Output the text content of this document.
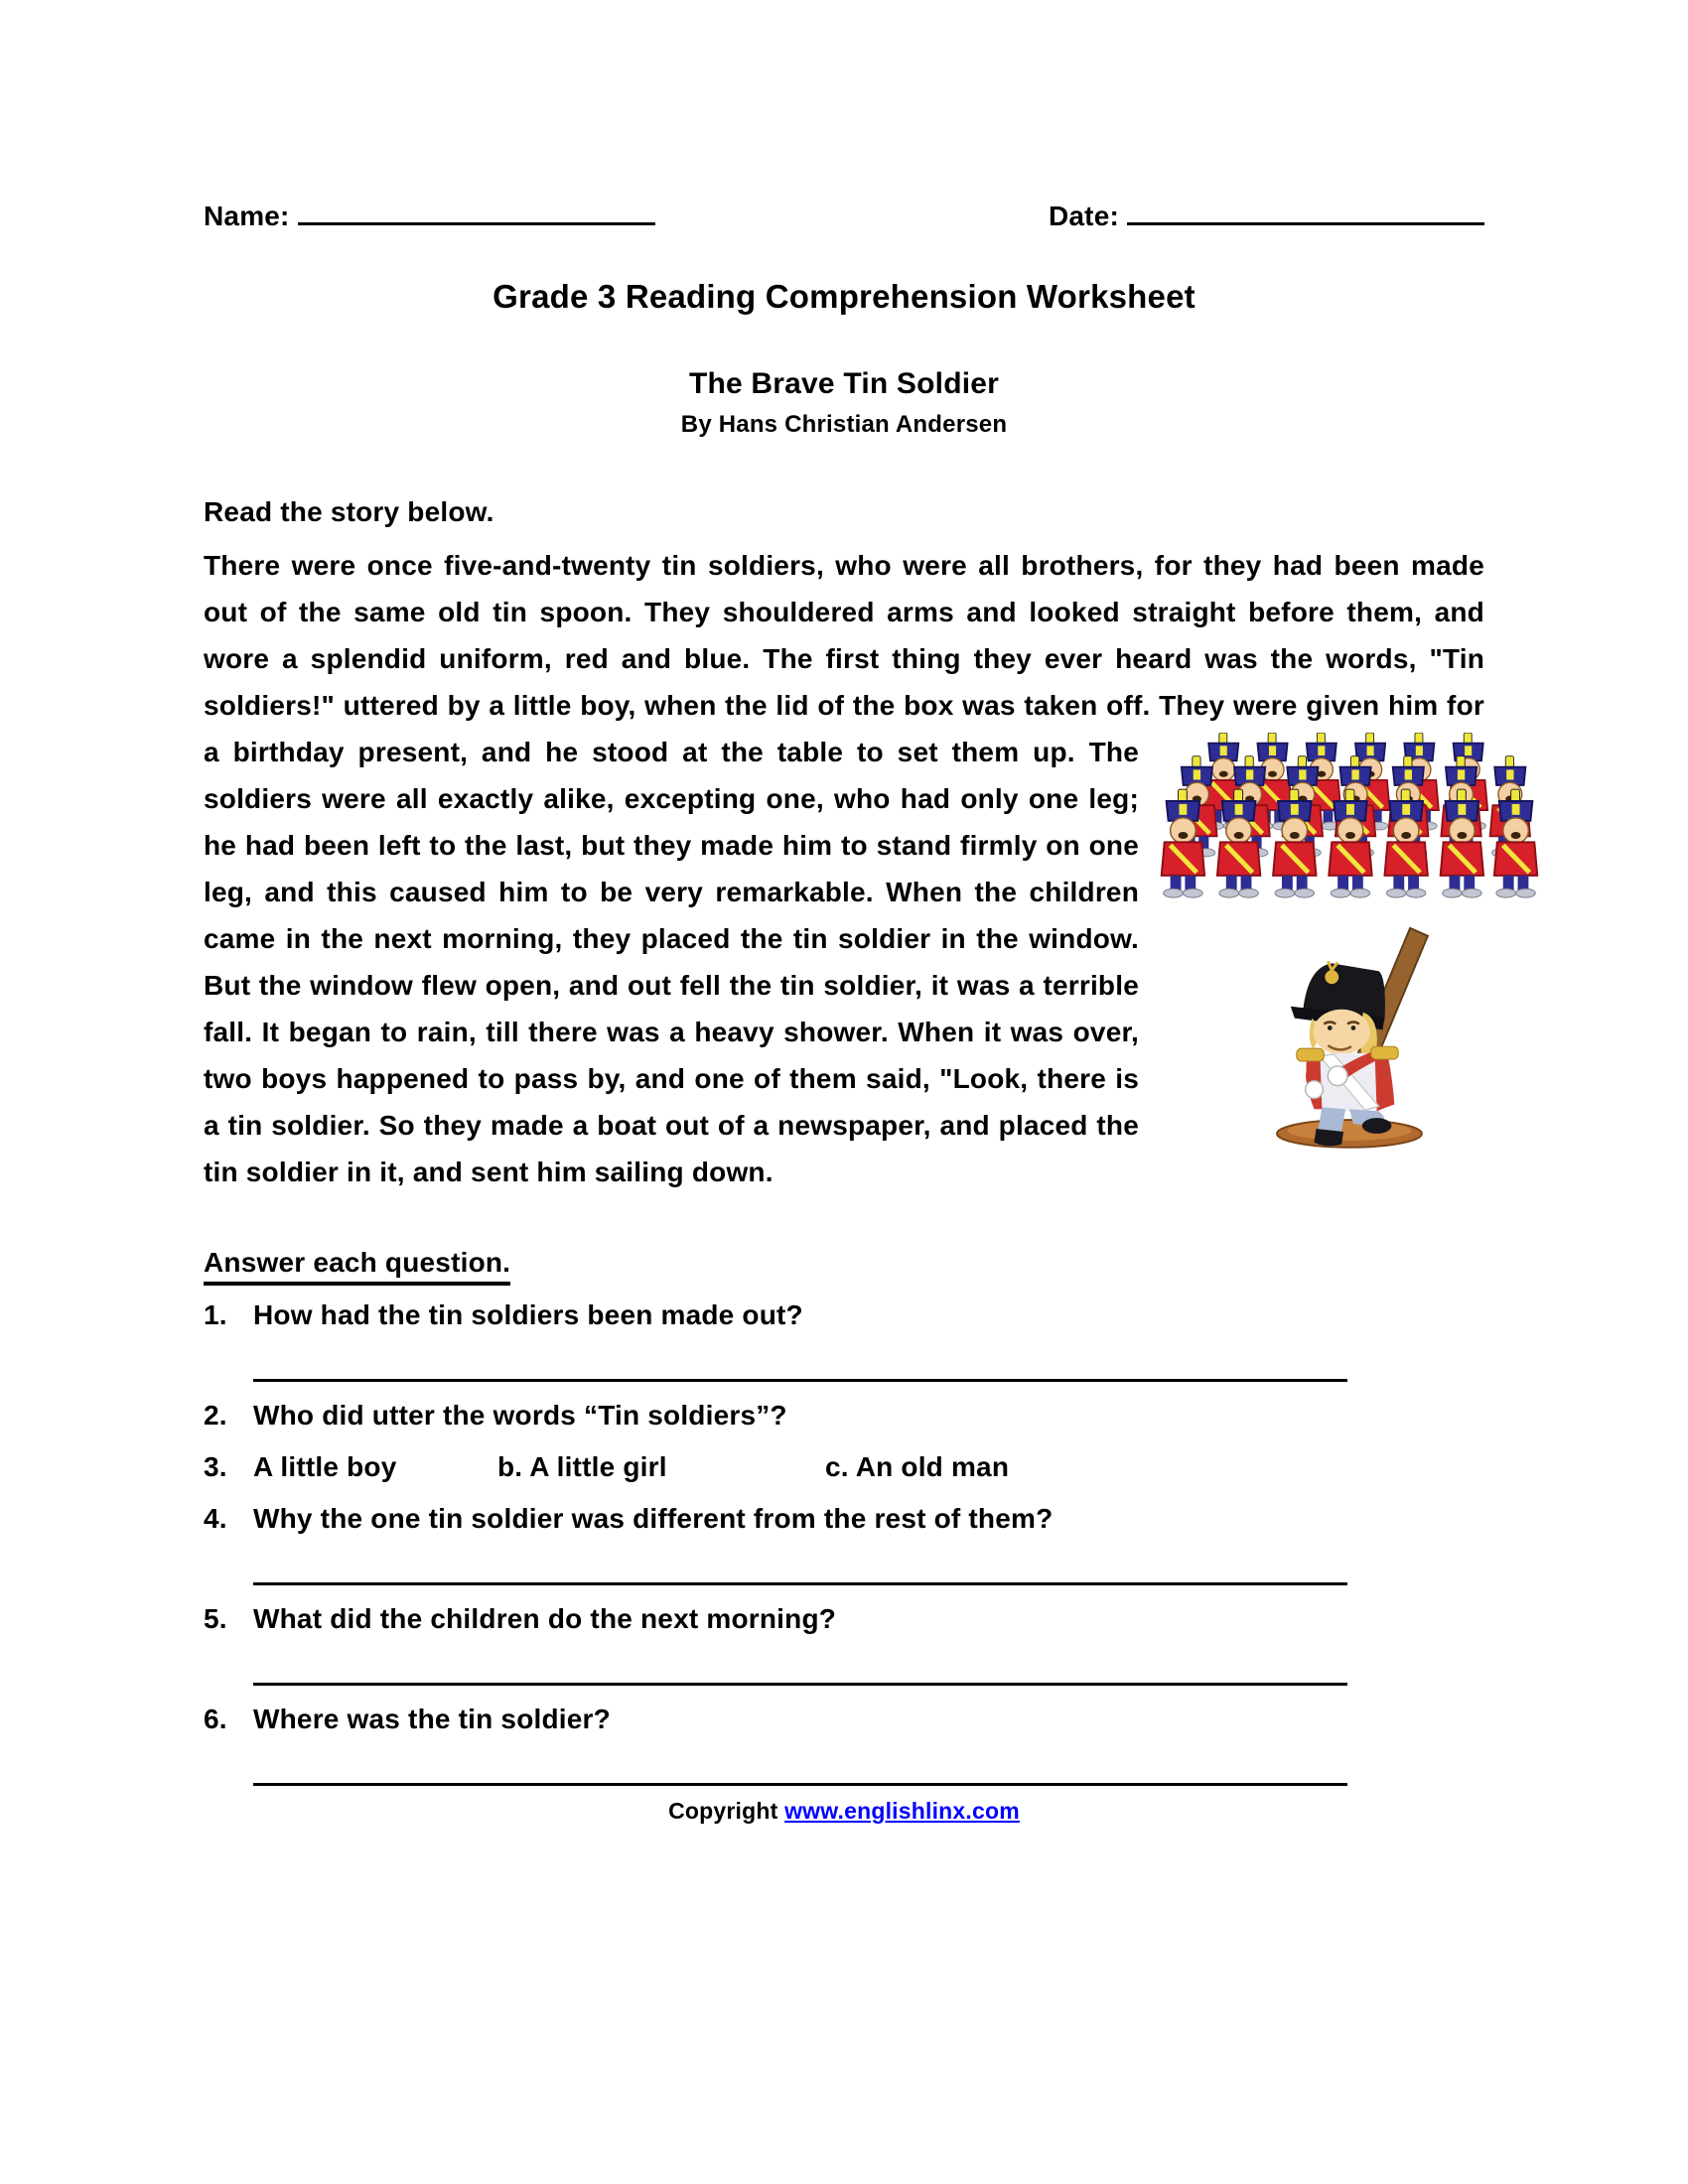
Name:	Date:
Grade 3 Reading Comprehension Worksheet
The Brave Tin Soldier
By Hans Christian Andersen
Read the story below.

There were once five-and-twenty tin soldiers, who were all brothers, for they had been made out of the same old tin spoon. They shouldered arms and looked straight before them, and wore a splendid uniform, red and blue. The first thing they ever heard was the words, "Tin soldiers!" uttered by a little boy, when the lid of the box was taken off. They were given him for a birthday
present, and he stood at the table to set them up. The soldiers were all exactly alike, excepting one, who had only one leg; he had been left to the last, but they made him to stand firmly on one leg, and this caused him to be very remarkable. When the children came in the next morning, they placed the tin soldier in the window. But the window flew open, and out fell the tin soldier, it was a terrible fall. It began to rain, till there was a heavy shower. When it was over, two boys happened to pass by, and one of them said, "Look, there is a tin soldier. So they made a boat out of a newspaper, and placed the tin soldier in it, and sent him sailing down.

Answer each question.
1. How had the tin soldiers been made out?
2. Who did utter the words “Tin soldiers”?
3. A little boy	b. A little girl	c. An old man
4. Why the one tin soldier was different from the rest of them?
5. What did the children do the next morning?
6. Where was the tin soldier?
Copyright www.englishlinx.com
